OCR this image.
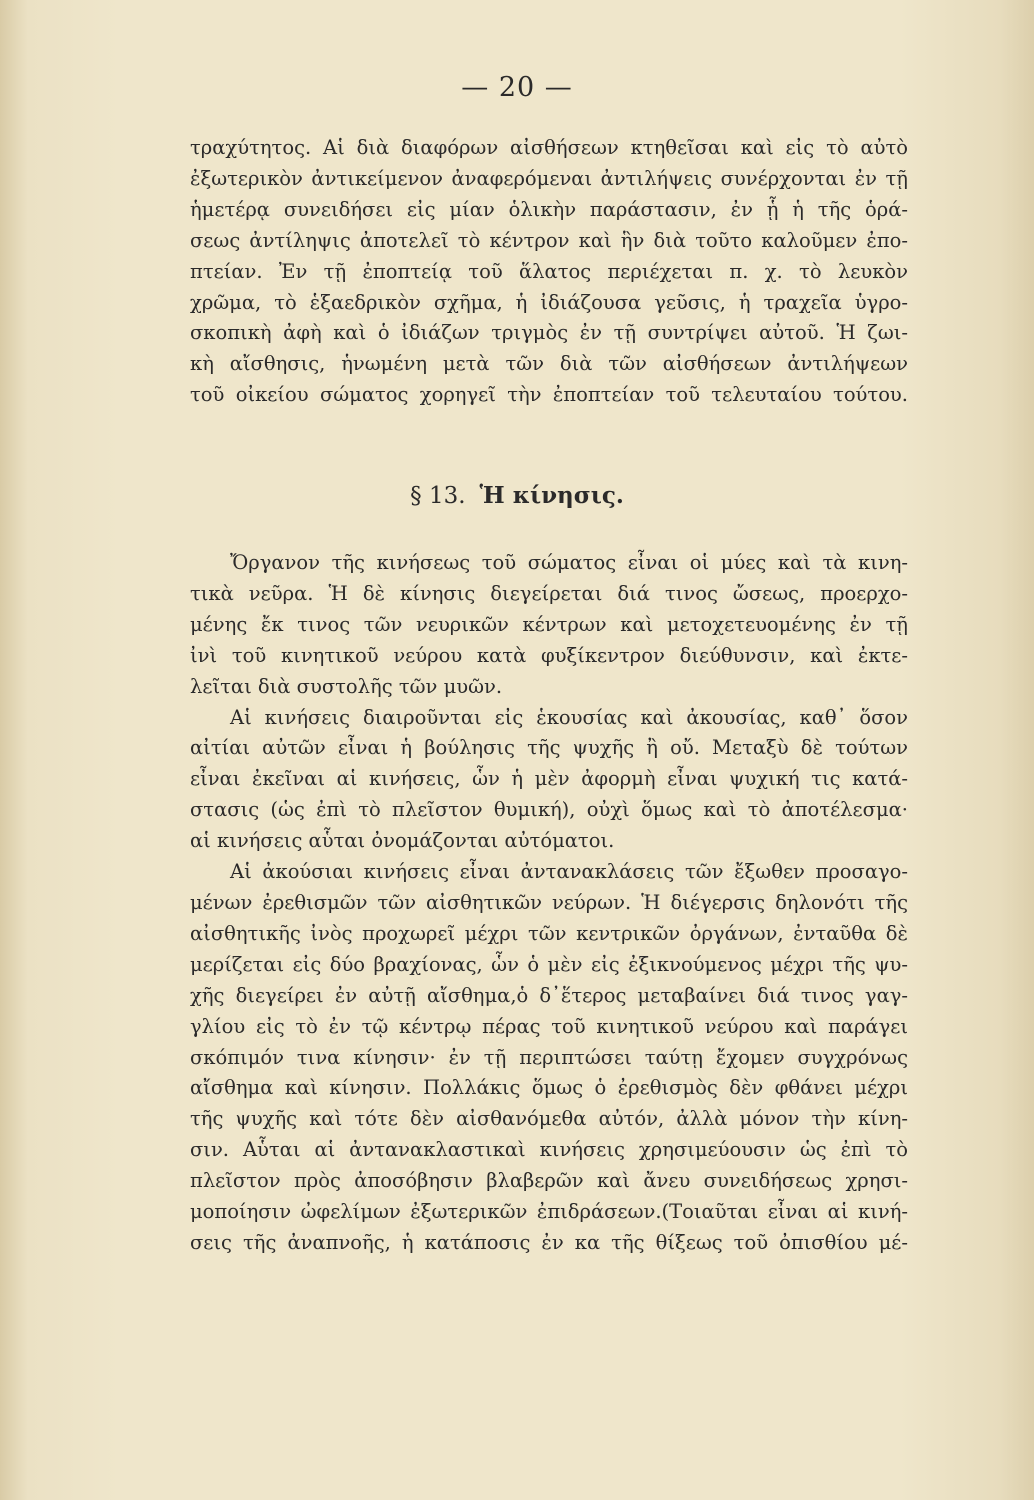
— 20 —
τραχύτητος. Αἱ διὰ διαφόρων αἰσθήσεων κτηθεῖσαι καὶ εἰς τὸ αὐτὸ
ἐξωτερικὸν ἀντικείμενον ἀναφερόμεναι ἀντιλήψεις συνέρχονται ἐν τῇ
ἡμετέρᾳ συνειδήσει εἰς μίαν ὁλικὴν παράστασιν, ἐν ᾗ ἡ τῆς ὁρά-
σεως ἀντίληψις ἀποτελεῖ τὸ κέντρον καὶ ἣν διὰ τοῦτο καλοῦμεν ἐπο-
πτείαν. Ἐν τῇ ἐποπτείᾳ τοῦ ἅλατος περιέχεται π. χ. τὸ λευκὸν
χρῶμα, τὸ ἑξαεδρικὸν σχῆμα, ἡ ἰδιάζουσα γεῦσις, ἡ τραχεῖα ὑγρο-
σκοπικὴ ἀφὴ καὶ ὁ ἰδιάζων τριγμὸς ἐν τῇ συντρίψει αὐτοῦ. Ἡ ζωι-
κὴ αἴσθησις, ἡνωμένη μετὰ τῶν διὰ τῶν αἰσθήσεων ἀντιλήψεων
τοῦ οἰκείου σώματος χορηγεῖ τὴν ἐποπτείαν τοῦ τελευταίου τούτου.
§ 13. Ἡ κίνησις.
Ὄργανον τῆς κινήσεως τοῦ σώματος εἶναι οἱ μύες καὶ τὰ κινη-
τικὰ νεῦρα. Ἡ δὲ κίνησις διεγείρεται διά τινος ὤσεως, προερχο-
μένης ἔκ τινος τῶν νευρικῶν κέντρων καὶ μετοχετευομένης ἐν τῇ
ἰνὶ τοῦ κινητικοῦ νεύρου κατὰ φυξίκεντρον διεύθυνσιν, καὶ ἐκτε-
λεῖται διὰ συστολῆς τῶν μυῶν.
Αἱ κινήσεις διαιροῦνται εἰς ἑκουσίας καὶ ἀκουσίας, καθ᾽ ὅσον
αἰτίαι αὐτῶν εἶναι ἡ βούλησις τῆς ψυχῆς ἢ οὔ. Μεταξὺ δὲ τούτων
εἶναι ἐκεῖναι αἱ κινήσεις, ὧν ἡ μὲν ἀφορμὴ εἶναι ψυχική τις κατά-
στασις (ὡς ἐπὶ τὸ πλεῖστον θυμική), οὐχὶ ὅμως καὶ τὸ ἀποτέλεσμα·
αἱ κινήσεις αὗται ὀνομάζονται αὐτόματοι.
Αἱ ἀκούσιαι κινήσεις εἶναι ἀντανακλάσεις τῶν ἔξωθεν προσαγο-
μένων ἐρεθισμῶν τῶν αἰσθητικῶν νεύρων. Ἡ διέγερσις δηλονότι τῆς
αἰσθητικῆς ἰνὸς προχωρεῖ μέχρι τῶν κεντρικῶν ὀργάνων, ἐνταῦθα δὲ
μερίζεται εἰς δύο βραχίονας, ὧν ὁ μὲν εἰς ἐξικνούμενος μέχρι τῆς ψυ-
χῆς διεγείρει ἐν αὐτῇ αἴσθημα,ὁ δ᾽ἕτερος μεταβαίνει διά τινος γαγ-
γλίου εἰς τὸ ἐν τῷ κέντρῳ πέρας τοῦ κινητικοῦ νεύρου καὶ παράγει
σκόπιμόν τινα κίνησιν· ἐν τῇ περιπτώσει ταύτῃ ἔχομεν συγχρόνως
αἴσθημα καὶ κίνησιν. Πολλάκις ὅμως ὁ ἐρεθισμὸς δὲν φθάνει μέχρι
τῆς ψυχῆς καὶ τότε δὲν αἰσθανόμεθα αὐτόν, ἀλλὰ μόνον τὴν κίνη-
σιν. Αὗται αἱ ἀντανακλαστικαὶ κινήσεις χρησιμεύουσιν ὡς ἐπὶ τὸ
πλεῖστον πρὸς ἀποσόβησιν βλαβερῶν καὶ ἄνευ συνειδήσεως χρησι-
μοποίησιν ὠφελίμων ἐξωτερικῶν ἐπιδράσεων.(Τοιαῦται εἶναι αἱ κινή-
σεις τῆς ἀναπνοῆς, ἡ κατάποσις ἐν κα τῆς θίξεως τοῦ ὀπισθίου μέ-
